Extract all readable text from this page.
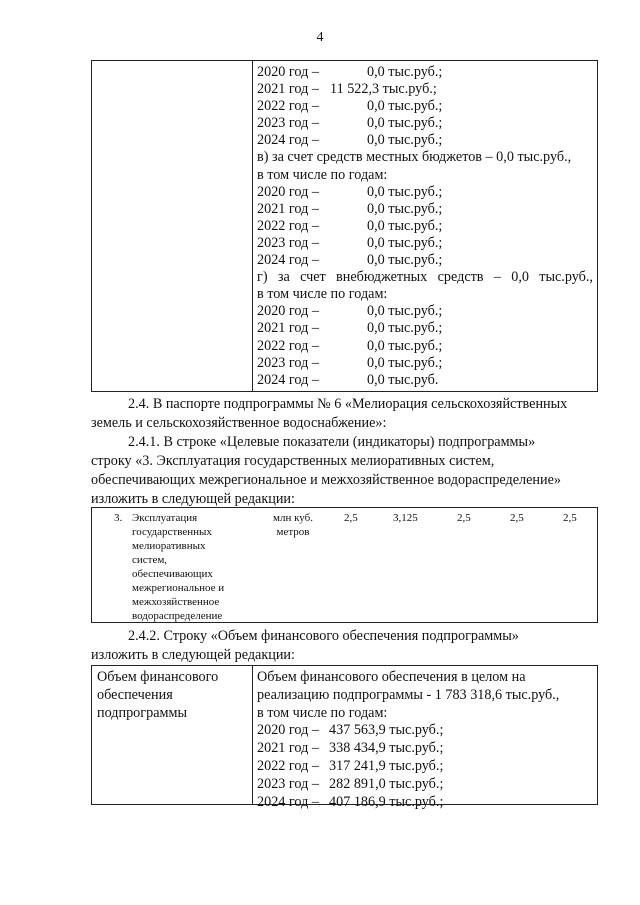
4
2020 год –	0,0 тыс.руб.;
2021 год – 11 522,3 тыс.руб.;
2022 год –	0,0 тыс.руб.;
2023 год –	0,0 тыс.руб.;
2024 год –	0,0 тыс.руб.;
в) за счет средств местных бюджетов – 0,0 тыс.руб.,
в том числе по годам:
2020 год –	0,0 тыс.руб.;
2021 год –	0,0 тыс.руб.;
2022 год –	0,0 тыс.руб.;
2023 год –	0,0 тыс.руб.;
2024 год –	0,0 тыс.руб.;
г) за счет внебюджетных средств – 0,0 тыс.руб.,
в том числе по годам:
2020 год –	0,0 тыс.руб.;
2021 год –	0,0 тыс.руб.;
2022 год –	0,0 тыс.руб.;
2023 год –	0,0 тыс.руб.;
2024 год –	0,0 тыс.руб.
2.4. В паспорте подпрограммы № 6 «Мелиорация сельскохозяйственных
земель и сельскохозяйственное водоснабжение»:
2.4.1. В строке «Целевые показатели (индикаторы) подпрограммы»
строку «3. Эксплуатация государственных мелиоративных систем,
обеспечивающих межрегиональное и межхозяйственное водораспределение»
изложить в следующей редакции:
3. Эксплуатация
государственных
мелиоративных
систем,
обеспечивающих
межрегиональное и
межхозяйственное
водораспределение
млн куб.
метров
2,5	3,125	2,5	2,5	2,5
2.4.2. Строку «Объем финансового обеспечения подпрограммы»
изложить в следующей редакции:
Объем финансового
обеспечения
подпрограммы
Объем финансового обеспечения в целом на
реализацию подпрограммы - 1 783 318,6 тыс.руб.,
в том числе по годам:
2020 год – 437 563,9 тыс.руб.;
2021 год – 338 434,9 тыс.руб.;
2022 год – 317 241,9 тыс.руб.;
2023 год – 282 891,0 тыс.руб.;
2024 год – 407 186,9 тыс.руб.;
